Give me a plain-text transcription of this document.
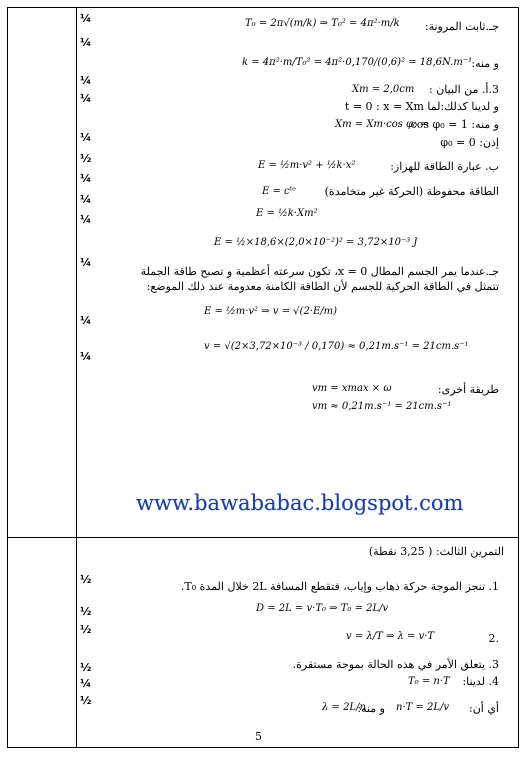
¼
¼
¼
¼
¼
½
¼
¼
¼
¼
¼
¼
جـ.ثابت المرونة:
T₀ = 2π√(m/k) ⇒ T₀² = 4π²·m/k
و منه:
k = 4π²·m/T₀² = 4π²·0,170/(0,6)² = 18,6N.m⁻¹
3.أ. من البيان :
Xm = 2,0cm
و لدينا كذلك:لما t = 0 : x = Xm
و منه: cos φ₀ = 1
Xm = Xm·cos φ₀ ⇒
إذن: φ₀ = 0
ب. عبارة الطاقة للهزاز:
E = ½m·v² + ½k·x²
الطاقة محفوظة (الحركة غير متخامدة)
E = cᵗᵉ
E = ½k·Xm²
E = ½×18,6×(2,0×10⁻²)² = 3,72×10⁻³ J
جـ.عندما يمر الجسم المطال x = 0، تكون سرعته أعظمية و تصبح طاقة الجملة
تتمثل في الطاقة الحركية للجسم لأن الطاقة الكامنة معدومة عند ذلك الموضع:
E = ½m·v² ⇒ v = √(2·E/m)
v = √(2×3,72×10⁻³ / 0,170) ≈ 0,21m.s⁻¹ = 21cm.s⁻¹
طريقة أخرى:
vm = xmax × ω
vm ≈ 0,21m.s⁻¹ = 21cm.s⁻¹
www.bawababac.blogspot.com
التمرين الثالث: ( 3,25 نقطة)
½
½
½
½
¼
½
1. تنجز الموجة حركة ذهاب وإياب، فتقطع المسافة 2L خلال المدة T₀.
D = 2L = v·T₀ ⇒ T₀ = 2L/v
.2
v = λ/T ⇒ λ = v·T
3. يتعلق الأمر في هذه الحالة بموجة مستقرة.
4. لدينا:
T₀ = n·T
أي أن:
n·T = 2L/v
و منه:
λ = 2L/n
5
